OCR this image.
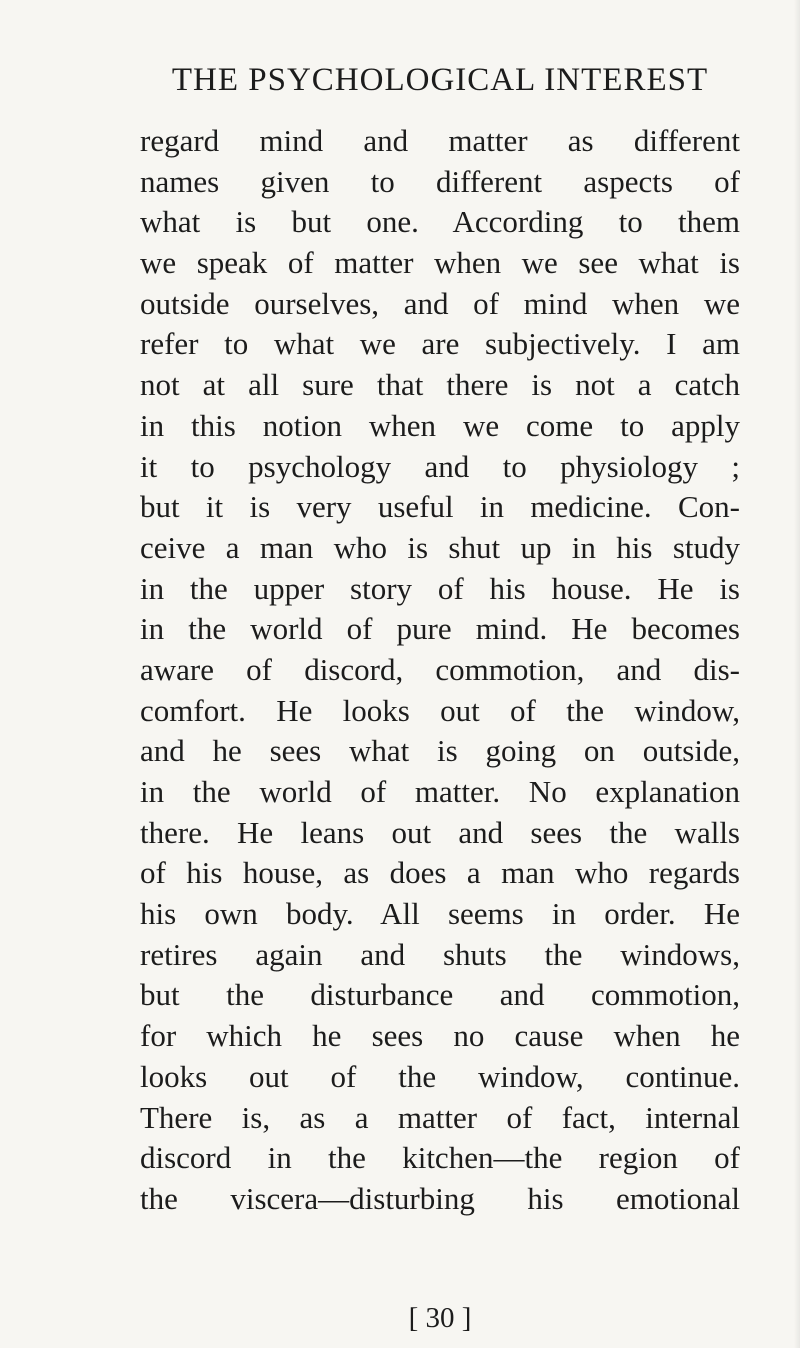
THE PSYCHOLOGICAL INTEREST
regard mind and matter as different
names given to different aspects of
what is but one. According to them
we speak of matter when we see what is
outside ourselves, and of mind when we
refer to what we are subjectively. I am
not at all sure that there is not a catch
in this notion when we come to apply
it to psychology and to physiology ;
but it is very useful in medicine. Con-
ceive a man who is shut up in his study
in the upper story of his house. He is
in the world of pure mind. He becomes
aware of discord, commotion, and dis-
comfort. He looks out of the window,
and he sees what is going on outside,
in the world of matter. No explanation
there. He leans out and sees the walls
of his house, as does a man who regards
his own body. All seems in order. He
retires again and shuts the windows,
but the disturbance and commotion,
for which he sees no cause when he
looks out of the window, continue.
There is, as a matter of fact, internal
discord in the kitchen—the region of
the viscera—disturbing his emotional
[ 30 ]
